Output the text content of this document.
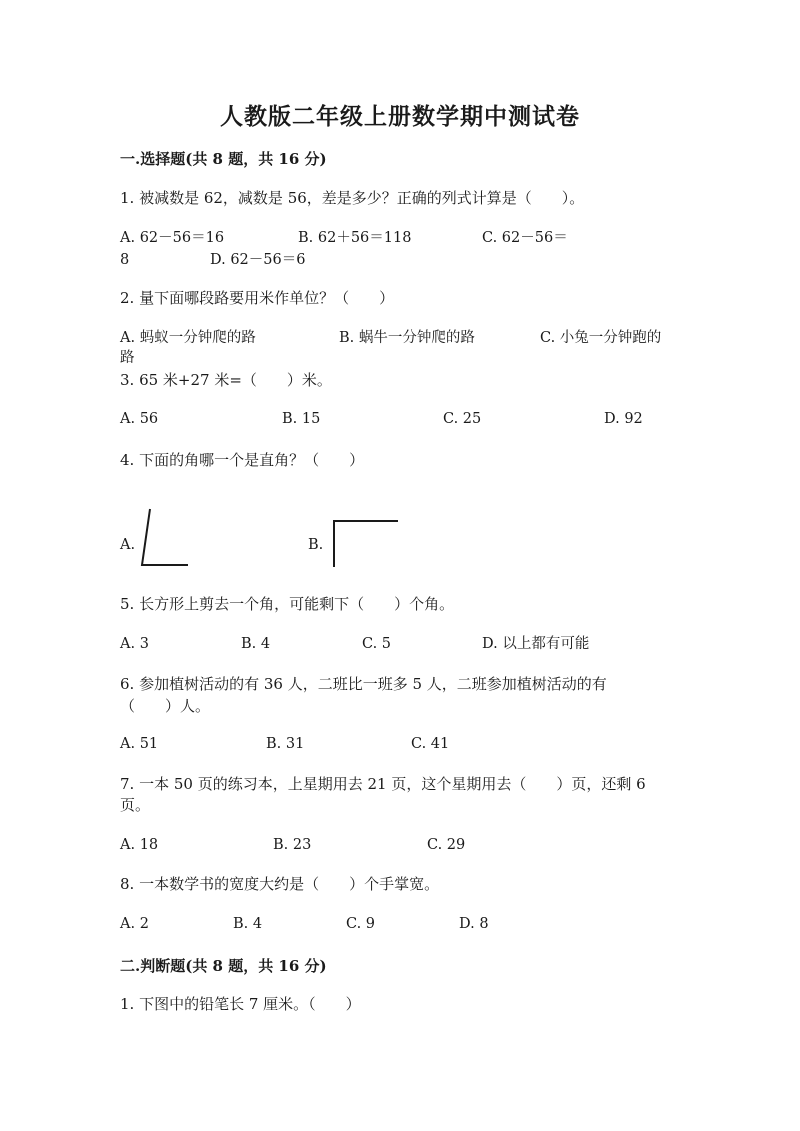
人教版二年级上册数学期中测试卷
一.选择题(共 8 题，共 16 分)
1. 被减数是 62，减数是 56，差是多少？正确的列式计算是（　　）。
A. 62－56＝16	B. 62＋56＝118	C. 62－56＝
8	D. 62－56＝6
2. 量下面哪段路要用米作单位？（　　）
A. 蚂蚁一分钟爬的路	B. 蜗牛一分钟爬的路	C. 小兔一分钟跑的
路
3. 65 米+27 米=（　　）米。
A. 56	B. 15	C. 25	D. 92
4. 下面的角哪一个是直角？（　　）
A.	B.
5. 长方形上剪去一个角，可能剩下（　　）个角。
A. 3	B. 4	C. 5	D. 以上都有可能
6. 参加植树活动的有 36 人，二班比一班多 5 人，二班参加植树活动的有
（　　）人。
A. 51	B. 31	C. 41
7. 一本 50 页的练习本，上星期用去 21 页，这个星期用去（　　）页，还剩 6
页。
A. 18	B. 23	C. 29
8. 一本数学书的宽度大约是（　　）个手掌宽。
A. 2	B. 4	C. 9	D. 8
二.判断题(共 8 题，共 16 分)
1. 下图中的铅笔长 7 厘米。（　　）
